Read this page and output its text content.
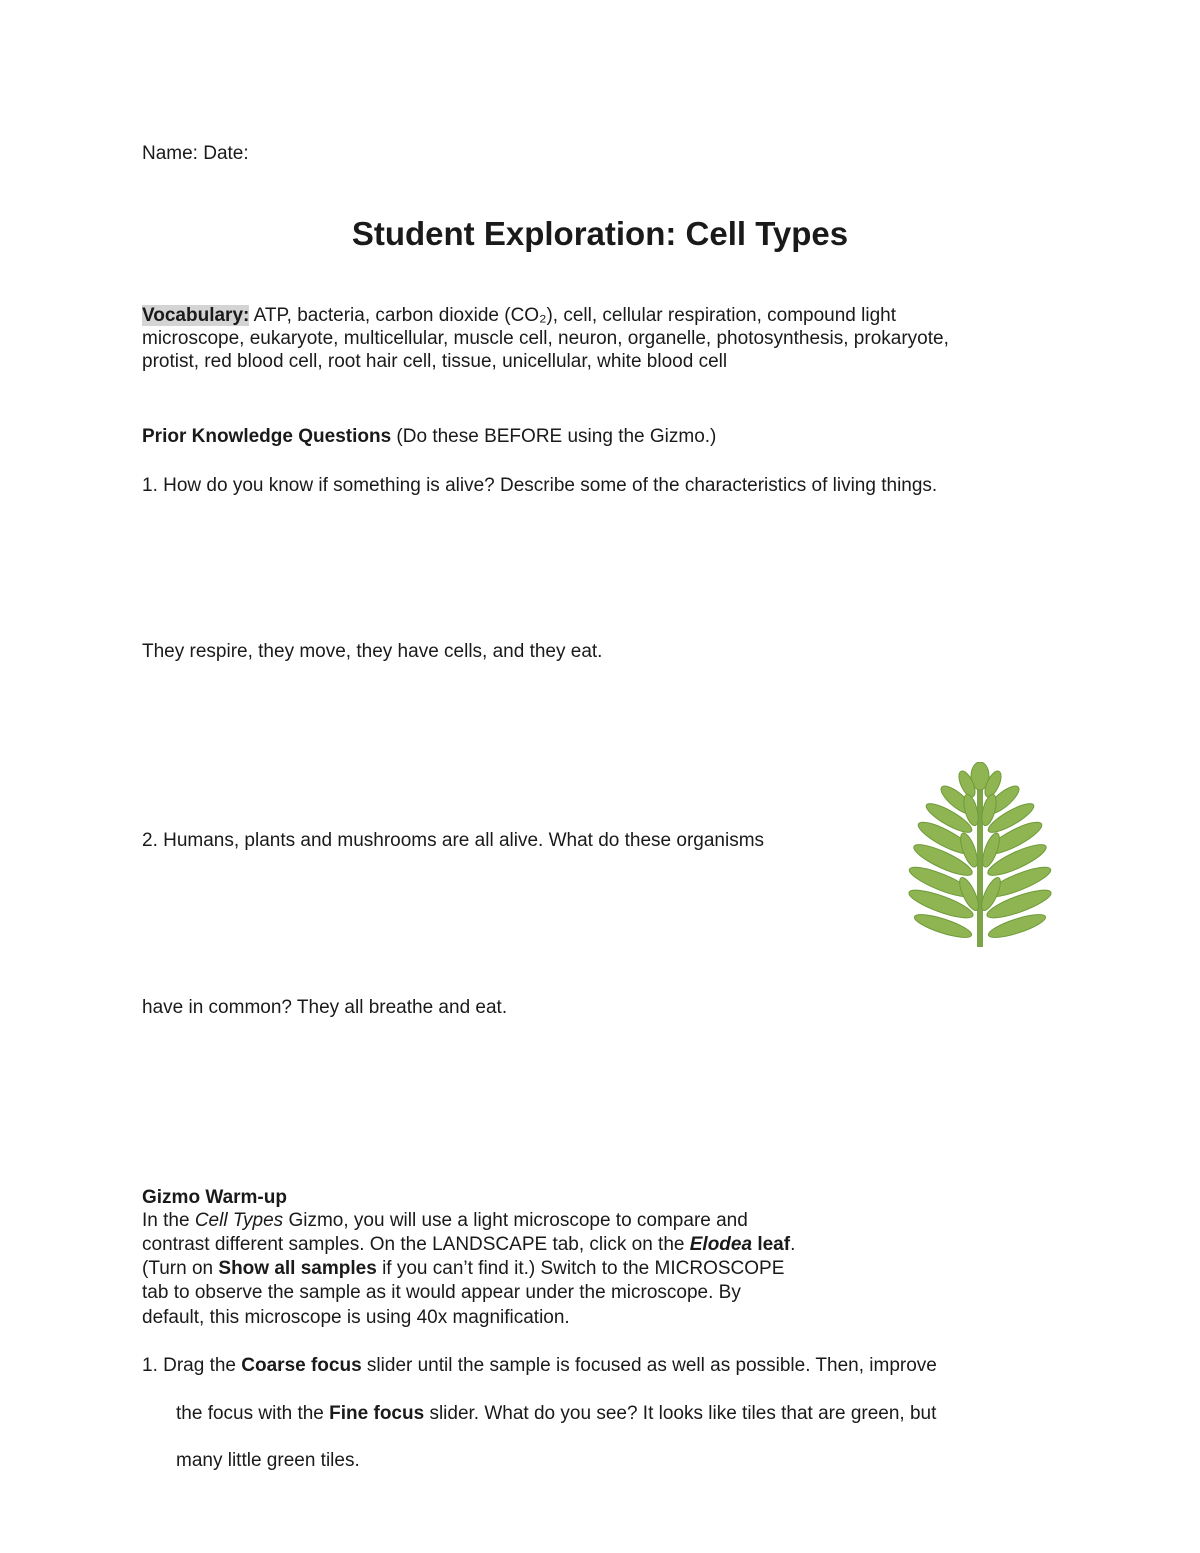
Name: Date:
Student Exploration: Cell Types
Vocabulary: ATP, bacteria, carbon dioxide (CO₂), cell, cellular respiration, compound light
microscope, eukaryote, multicellular, muscle cell, neuron, organelle, photosynthesis, prokaryote,
protist, red blood cell, root hair cell, tissue, unicellular, white blood cell
Prior Knowledge Questions (Do these BEFORE using the Gizmo.)
1. How do you know if something is alive? Describe some of the characteristics of living things.
They respire, they move, they have cells, and they eat.
2. Humans, plants and mushrooms are all alive. What do these organisms
have in common? They all breathe and eat.
Gizmo Warm-up
In the Cell Types Gizmo, you will use a light microscope to compare and
contrast different samples. On the LANDSCAPE tab, click on the Elodea leaf.
(Turn on Show all samples if you can’t find it.) Switch to the MICROSCOPE
tab to observe the sample as it would appear under the microscope. By
default, this microscope is using 40x magnification.
1. Drag the Coarse focus slider until the sample is focused as well as possible. Then, improve
the focus with the Fine focus slider. What do you see? It looks like tiles that are green, but
many little green tiles.
